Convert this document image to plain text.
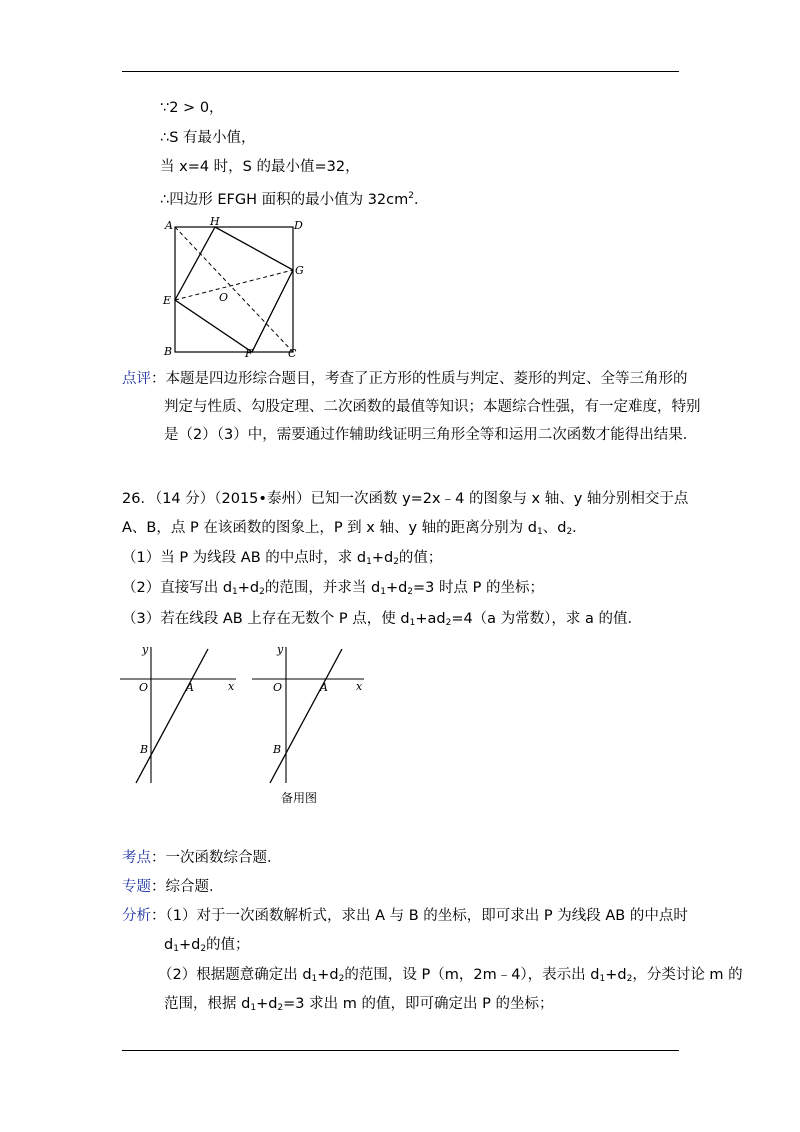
∵2 > 0，
∴S 有最小值，
当 x=4 时，S 的最小值=32，
∴四边形 EFGH 面积的最小值为 $32cm^2$．
A	H	D
G
O
E
B	F	C
点评：本题是四边形综合题目，考查了正方形的性质与判定、菱形的判定、全等三角形的
判定与性质、勾股定理、二次函数的最值等知识；本题综合性强，有一定难度，特别
是（2）（3）中，需要通过作辅助线证明三角形全等和运用二次函数才能得出结果．
26．（14 分）（2015•泰州）已知一次函数 y=2x﹣4 的图象与 x 轴、y 轴分别相交于点
A、B，点 P 在该函数的图象上，P 到 x 轴、y 轴的距离分别为 $d_1$、$d_2$．
（1）当 P 为线段 AB 的中点时，求 $d_1+d_2$的值；
（2）直接写出 $d_1+d_2$的范围，并求当 $d_1+d_2=3$ 时点 P 的坐标；
（3）若在线段 AB 上存在无数个 P 点，使 $d_1+ad_2=4(a$ 为常数），求 a 的值．
y
x
O	A
B
y
x
O	A
B
备用图
考点：一次函数综合题．
专题：综合题．
分析：（1）对于一次函数解析式，求出 A 与 B 的坐标，即可求出 P 为线段 AB 的中点时
$d_1+d_2$的值；
（2）根据题意确定出 $d_1+d_2$的范围，设 P（m，2m﹣4），表示出 $d_1+d_2$，分类讨论 m 的
范围，根据 $d_1+d_2=3$ 求出 m 的值，即可确定出 P 的坐标；
